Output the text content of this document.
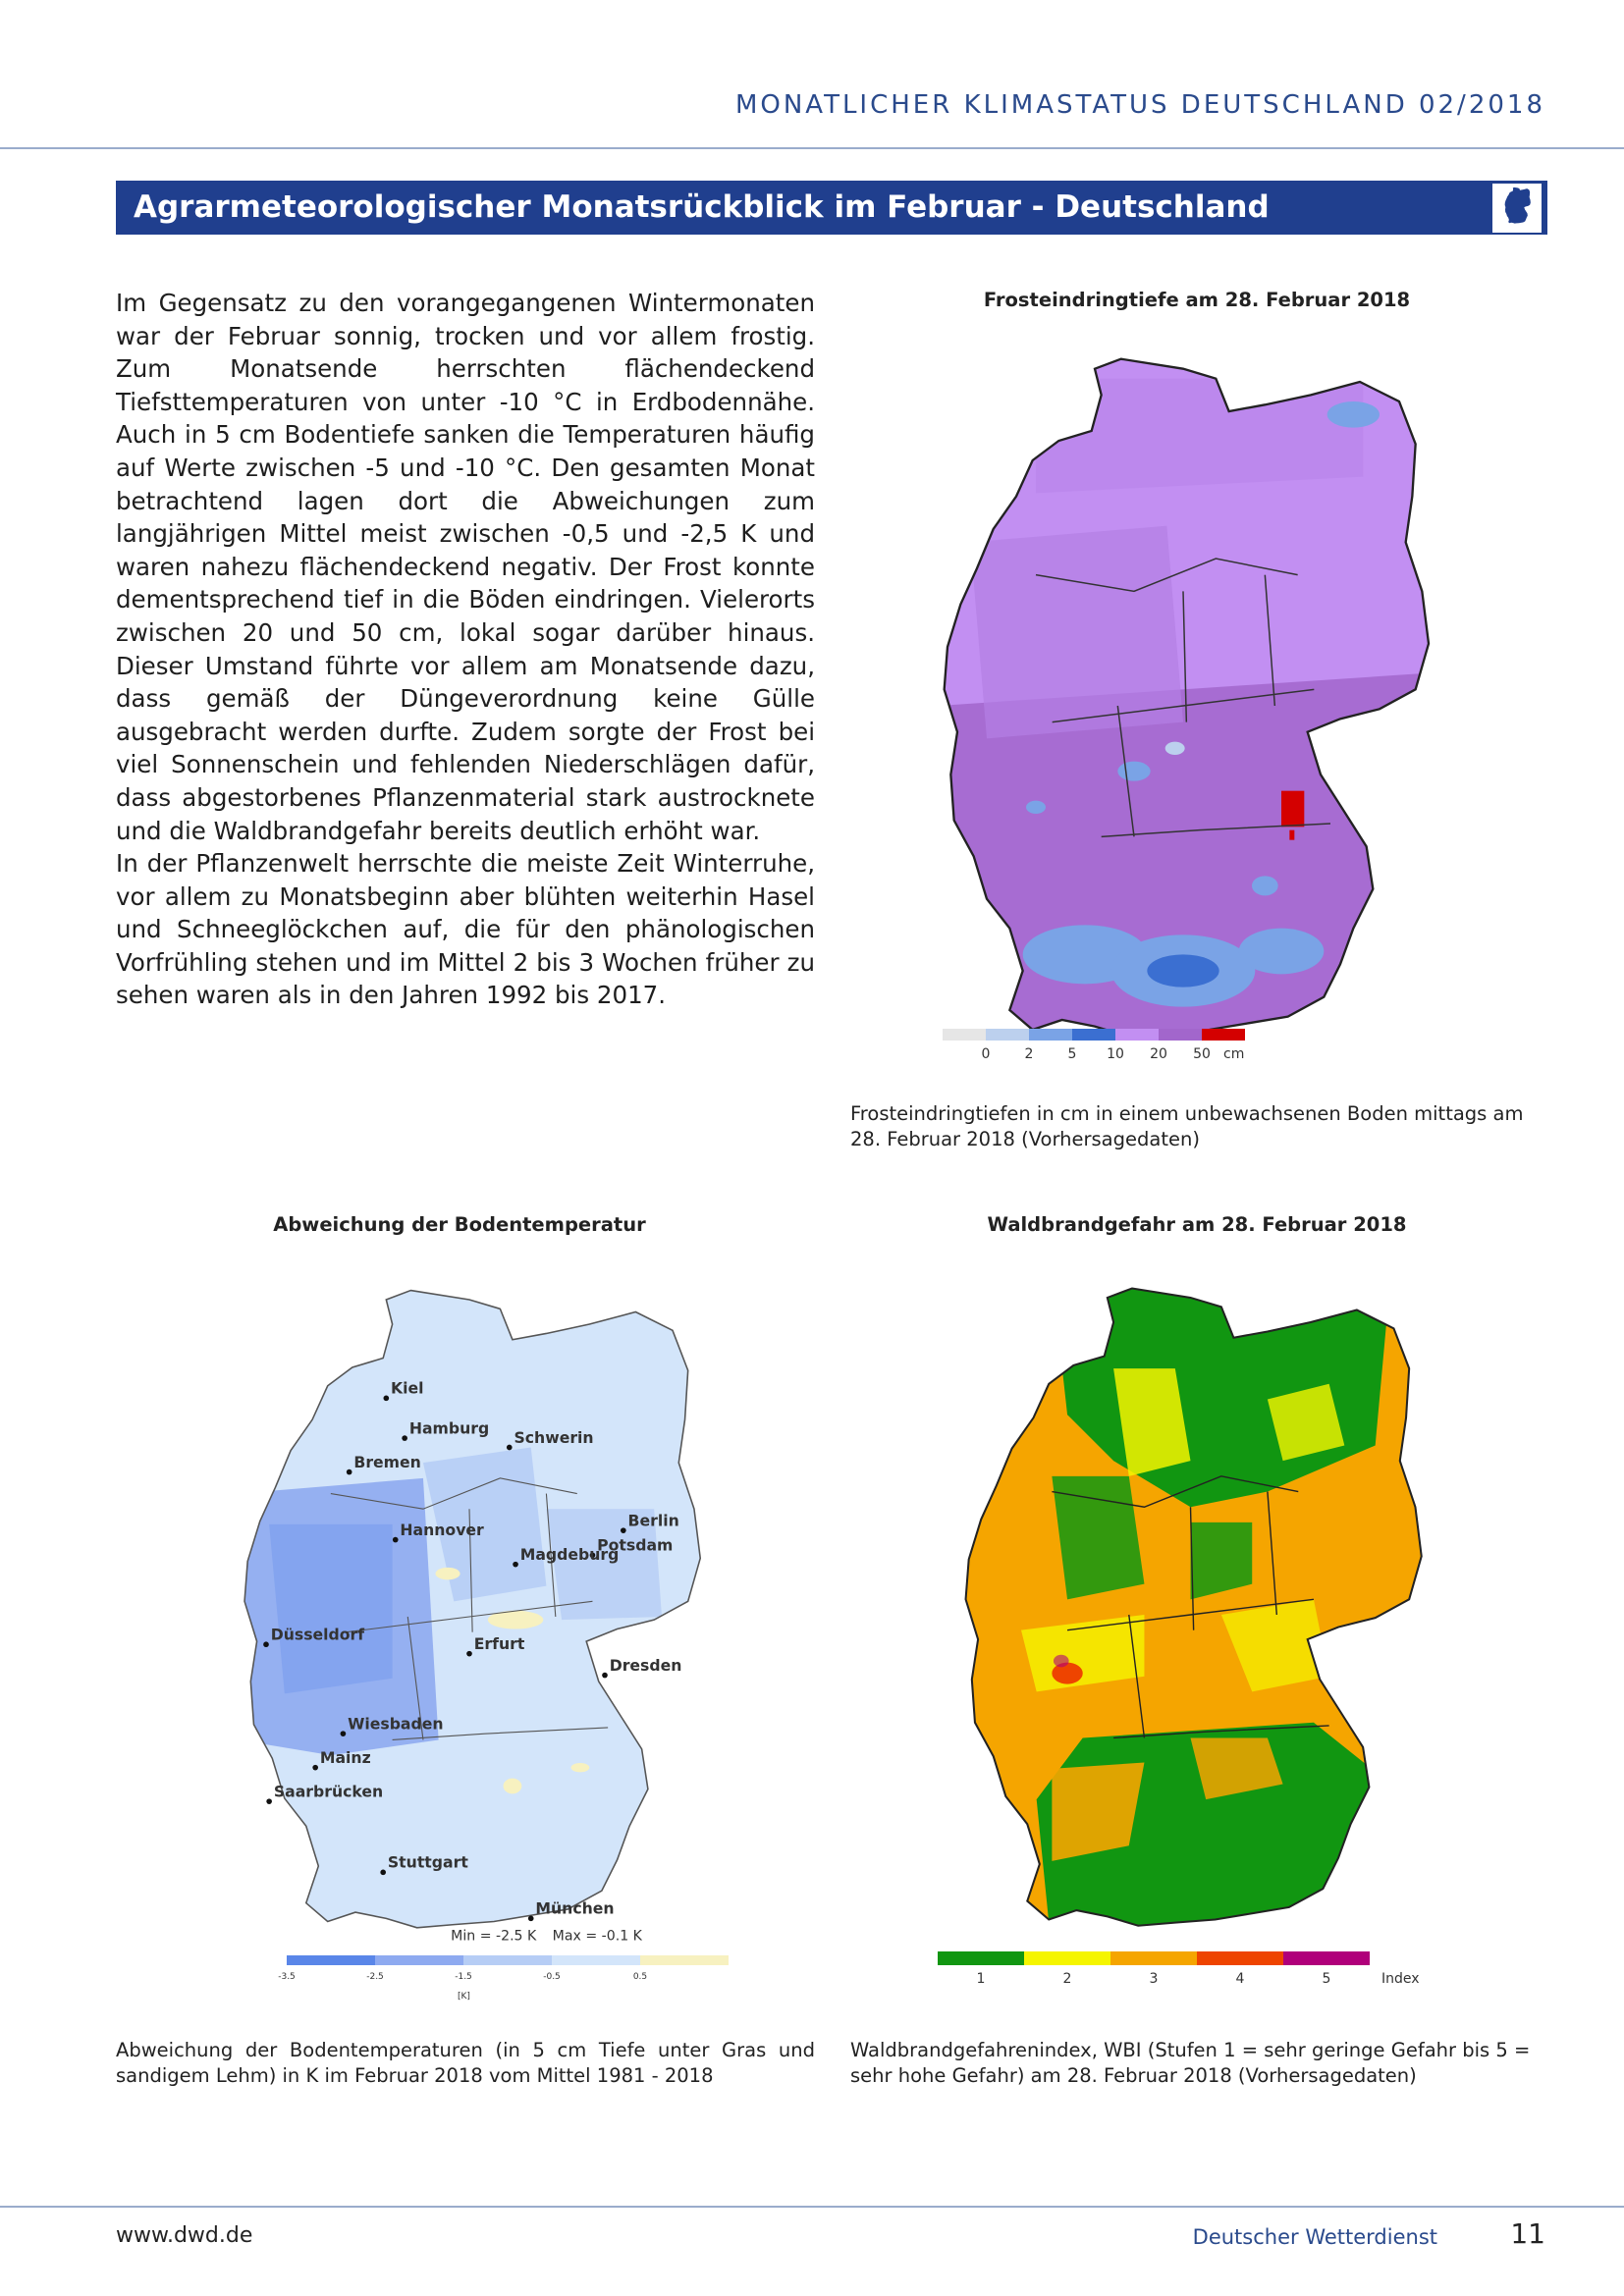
MONATLICHER KLIMASTATUS DEUTSCHLAND 02/2018
Agrarmeteorologischer Monatsrückblick im Februar - Deutschland

Im Gegensatz zu den vorangegangenen Wintermonaten war der Februar sonnig, trocken und vor allem frostig. Zum Monatsende herrschten flächendeckend Tiefsttemperaturen von unter -10 °C in Erdbodennähe. Auch in 5 cm Bodentiefe sanken die Temperaturen häufig auf Werte zwischen -5 und -10 °C. Den gesamten Monat betrachtend lagen dort die Abweichungen zum langjährigen Mittel meist zwischen -0,5 und -2,5 K und waren nahezu flächendeckend negativ. Der Frost konnte dementsprechend tief in die Böden eindringen. Vielerorts zwischen 20 und 50 cm, lokal sogar darüber hinaus. Dieser Umstand führte vor allem am Monatsende dazu, dass gemäß der Düngeverordnung keine Gülle ausgebracht werden durfte. Zudem sorgte der Frost bei viel Sonnenschein und fehlenden Niederschlägen dafür, dass abgestorbenes Pflanzenmaterial stark austrocknete und die Waldbrandgefahr bereits deutlich erhöht war.

In der Pflanzenwelt herrschte die meiste Zeit Winterruhe, vor allem zu Monatsbeginn aber blühten weiterhin Hasel und Schneeglöckchen auf, die für den phänologischen Vorfrühling stehen und im Mittel 2 bis 3 Wochen früher zu sehen waren als in den Jahren 1992 bis 2017.

Frosteindringtiefe am 28. Februar 2018
0	2	5 10 20 50 cm
Frosteindringtiefen in cm in einem unbewachsenen Boden mittags am 28. Februar 2018 (Vorhersagedaten)
Abweichung der Bodentemperatur
Kiel
Hamburg	Schwerin
Bremen
Berlin
Potsdam
Hannover
Magdeburg
Düsseldorf	Erfurt
Dresden
Wiesbaden
Mainz
Saarbrücken
Stuttgart
München
Min = -2.5 K Max = -0.1 K
-3.5	-2.5	-1.5	-0.5	0.5
[K]
Abweichung der Bodentemperaturen (in 5 cm Tiefe unter Gras und sandigem Lehm) in K im Februar 2018 vom Mittel 1981 - 2018
Waldbrandgefahr am 28. Februar 2018
1	2	3	4	5	Index
Waldbrandgefahrenindex, WBI (Stufen 1 = sehr geringe Gefahr bis 5 = sehr hohe Gefahr) am 28. Februar 2018 (Vorhersagedaten)
www.dwd.de	Deutscher Wetterdienst	11
